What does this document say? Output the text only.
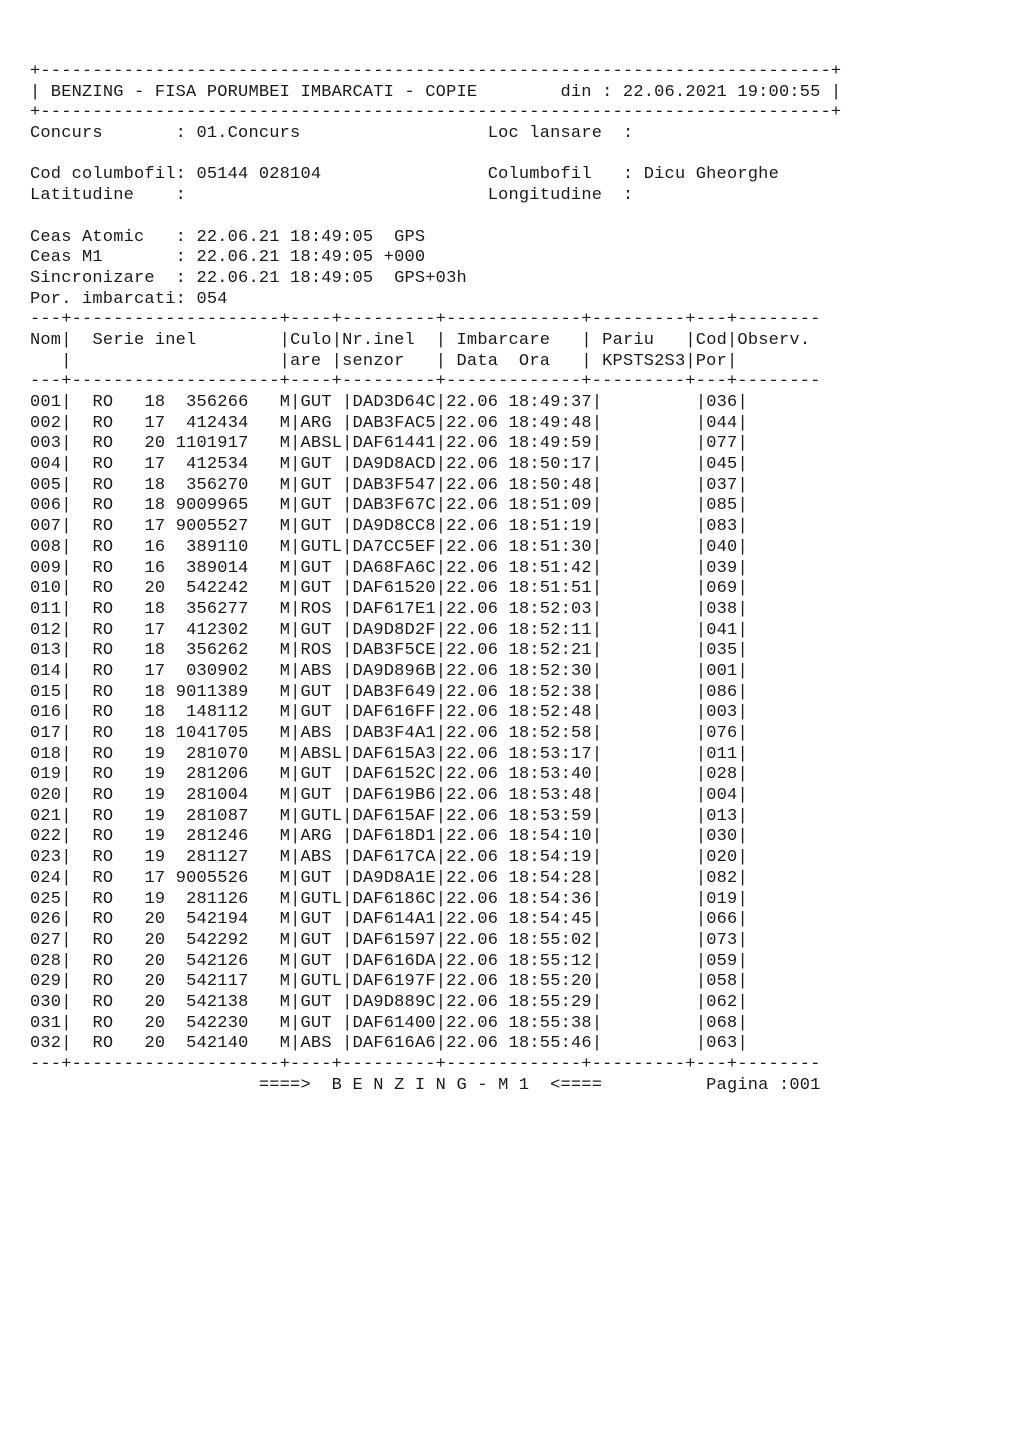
+----------------------------------------------------------------------------+
| BENZING - FISA PORUMBEI IMBARCATI - COPIE	din : 22.06.2021 19:00:55 |
+----------------------------------------------------------------------------+
Concurs       : 01.Concurs	Loc lansare  :

Cod columbofil: 05144 028104	Columbofil   : Dicu Gheorghe
Latitudine    :	Longitudine  :

Ceas Atomic   : 22.06.21 18:49:05  GPS
Ceas M1       : 22.06.21 18:49:05 +000
Sincronizare  : 22.06.21 18:49:05  GPS+03h
Por. imbarcati: 054
---+--------------------+----+---------+-------------+---------+---+--------
Nom|  Serie inel        |Culo|Nr.inel  | Imbarcare   | Pariu   |Cod|Observ.
|	|are |senzor   | Data  Ora   | KPSTS2S3|Por|
---+--------------------+----+---------+-------------+---------+---+--------
001| RO 18  356266 M|GUT |DAD3D64C|22.06 18:49:37|	|036|
002| RO 17  412434 M|ARG |DAB3FAC5|22.06 18:49:48|	|044|
003| RO 20 1101917 M|ABSL|DAF61441|22.06 18:49:59|	|077|
004| RO 17  412534 M|GUT |DA9D8ACD|22.06 18:50:17|	|045|
005| RO 18  356270 M|GUT |DAB3F547|22.06 18:50:48|	|037|
006| RO 18 9009965 M|GUT |DAB3F67C|22.06 18:51:09|	|085|
007| RO 17 9005527 M|GUT |DA9D8CC8|22.06 18:51:19|	|083|
008| RO 16  389110 M|GUTL|DA7CC5EF|22.06 18:51:30|	|040|
009| RO 16  389014 M|GUT |DA68FA6C|22.06 18:51:42|	|039|
010| RO 20  542242 M|GUT |DAF61520|22.06 18:51:51|	|069|
011| RO 18  356277 M|ROS |DAF617E1|22.06 18:52:03|	|038|
012| RO 17  412302 M|GUT |DA9D8D2F|22.06 18:52:11|	|041|
013| RO 18  356262 M|ROS |DAB3F5CE|22.06 18:52:21|	|035|
014| RO 17  030902 M|ABS |DA9D896B|22.06 18:52:30|	|001|
015| RO 18 9011389 M|GUT |DAB3F649|22.06 18:52:38|	|086|
016| RO 18  148112 M|GUT |DAF616FF|22.06 18:52:48|	|003|
017| RO 18 1041705 M|ABS |DAB3F4A1|22.06 18:52:58|	|076|
018| RO 19  281070 M|ABSL|DAF615A3|22.06 18:53:17|	|011|
019| RO 19  281206 M|GUT |DAF6152C|22.06 18:53:40|	|028|
020| RO 19  281004 M|GUT |DAF619B6|22.06 18:53:48|	|004|
021| RO 19  281087 M|GUTL|DAF615AF|22.06 18:53:59|	|013|
022| RO 19  281246 M|ARG |DAF618D1|22.06 18:54:10|	|030|
023| RO 19  281127 M|ABS |DAF617CA|22.06 18:54:19|	|020|
024| RO 17 9005526 M|GUT |DA9D8A1E|22.06 18:54:28|	|082|
025| RO 19  281126 M|GUTL|DAF6186C|22.06 18:54:36|	|019|
026| RO 20  542194 M|GUT |DAF614A1|22.06 18:54:45|	|066|
027| RO 20  542292 M|GUT |DAF61597|22.06 18:55:02|	|073|
028| RO 20  542126 M|GUT |DAF616DA|22.06 18:55:12|	|059|
029| RO 20  542117 M|GUTL|DAF6197F|22.06 18:55:20|	|058|
030| RO 20  542138 M|GUT |DA9D889C|22.06 18:55:29|	|062|
031| RO 20  542230 M|GUT |DAF61400|22.06 18:55:38|	|068|
032| RO 20  542140 M|ABS |DAF616A6|22.06 18:55:46|	|063|
---+--------------------+----+---------+-------------+---------+---+--------
====>  B E N Z I N G - M 1  <====	Pagina :001
